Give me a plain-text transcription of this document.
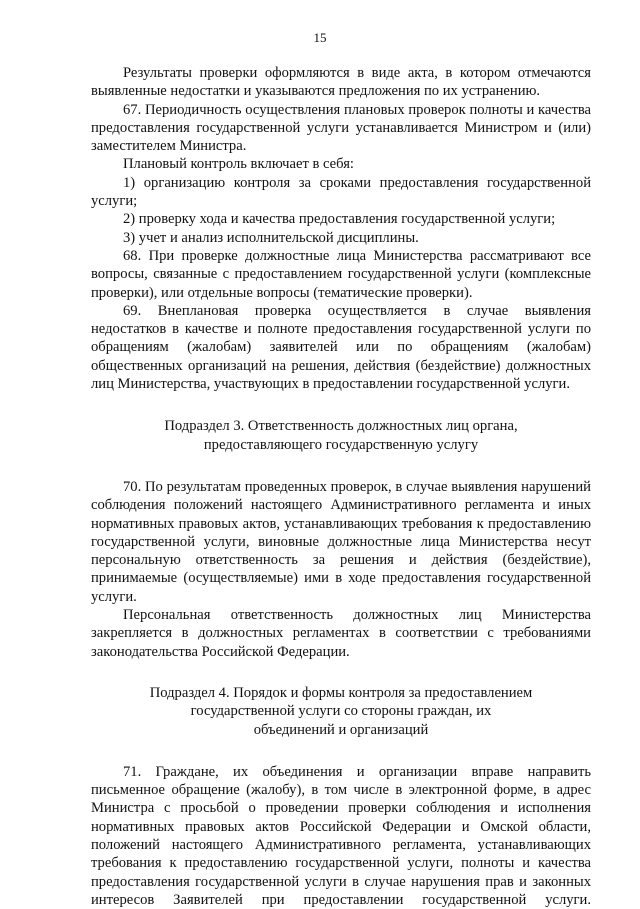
15

Результаты проверки оформляются в виде акта, в котором отмечаются выявленные недостатки и указываются предложения по их устранению.

67. Периодичность осуществления плановых проверок полноты и качества предоставления государственной услуги устанавливается Министром и (или) заместителем Министра.

Плановый контроль включает в себя:

1) организацию контроля за сроками предоставления государственной услуги;

2) проверку хода и качества предоставления государственной услуги;

3) учет и анализ исполнительской дисциплины.

68. При проверке должностные лица Министерства рассматривают все вопросы, связанные с предоставлением государственной услуги (комплексные проверки), или отдельные вопросы (тематические проверки).

69. Внеплановая проверка осуществляется в случае выявления недостатков в качестве и полноте предоставления государственной услуги по обращениям (жалобам) заявителей или по обращениям (жалобам) общественных организаций на решения, действия (бездействие) должностных лиц Министерства, участвующих в предоставлении государственной услуги.

Подраздел 3. Ответственность должностных лиц органа,
предоставляющего государственную услугу

70. По результатам проведенных проверок, в случае выявления нарушений соблюдения положений настоящего Административного регламента и иных нормативных правовых актов, устанавливающих требования к предоставлению государственной услуги, виновные должностные лица Министерства несут персональную ответственность за решения и действия (бездействие), принимаемые (осуществляемые) ими в ходе предоставления государственной услуги.

Персональная ответственность должностных лиц Министерства закрепляется в должностных регламентах в соответствии с требованиями законодательства Российской Федерации.

Подраздел 4. Порядок и формы контроля за предоставлением
государственной услуги со стороны граждан, их
объединений и организаций

71. Граждане, их объединения и организации вправе направить письменное обращение (жалобу), в том числе в электронной форме, в адрес Министра с просьбой о проведении проверки соблюдения и исполнения нормативных правовых актов Российской Федерации и Омской области, положений настоящего Административного регламента, устанавливающих требования к предоставлению государственной услуги, полноты и качества предоставления государственной услуги в случае нарушения прав и законных интересов Заявителей при предоставлении государственной услуги.
